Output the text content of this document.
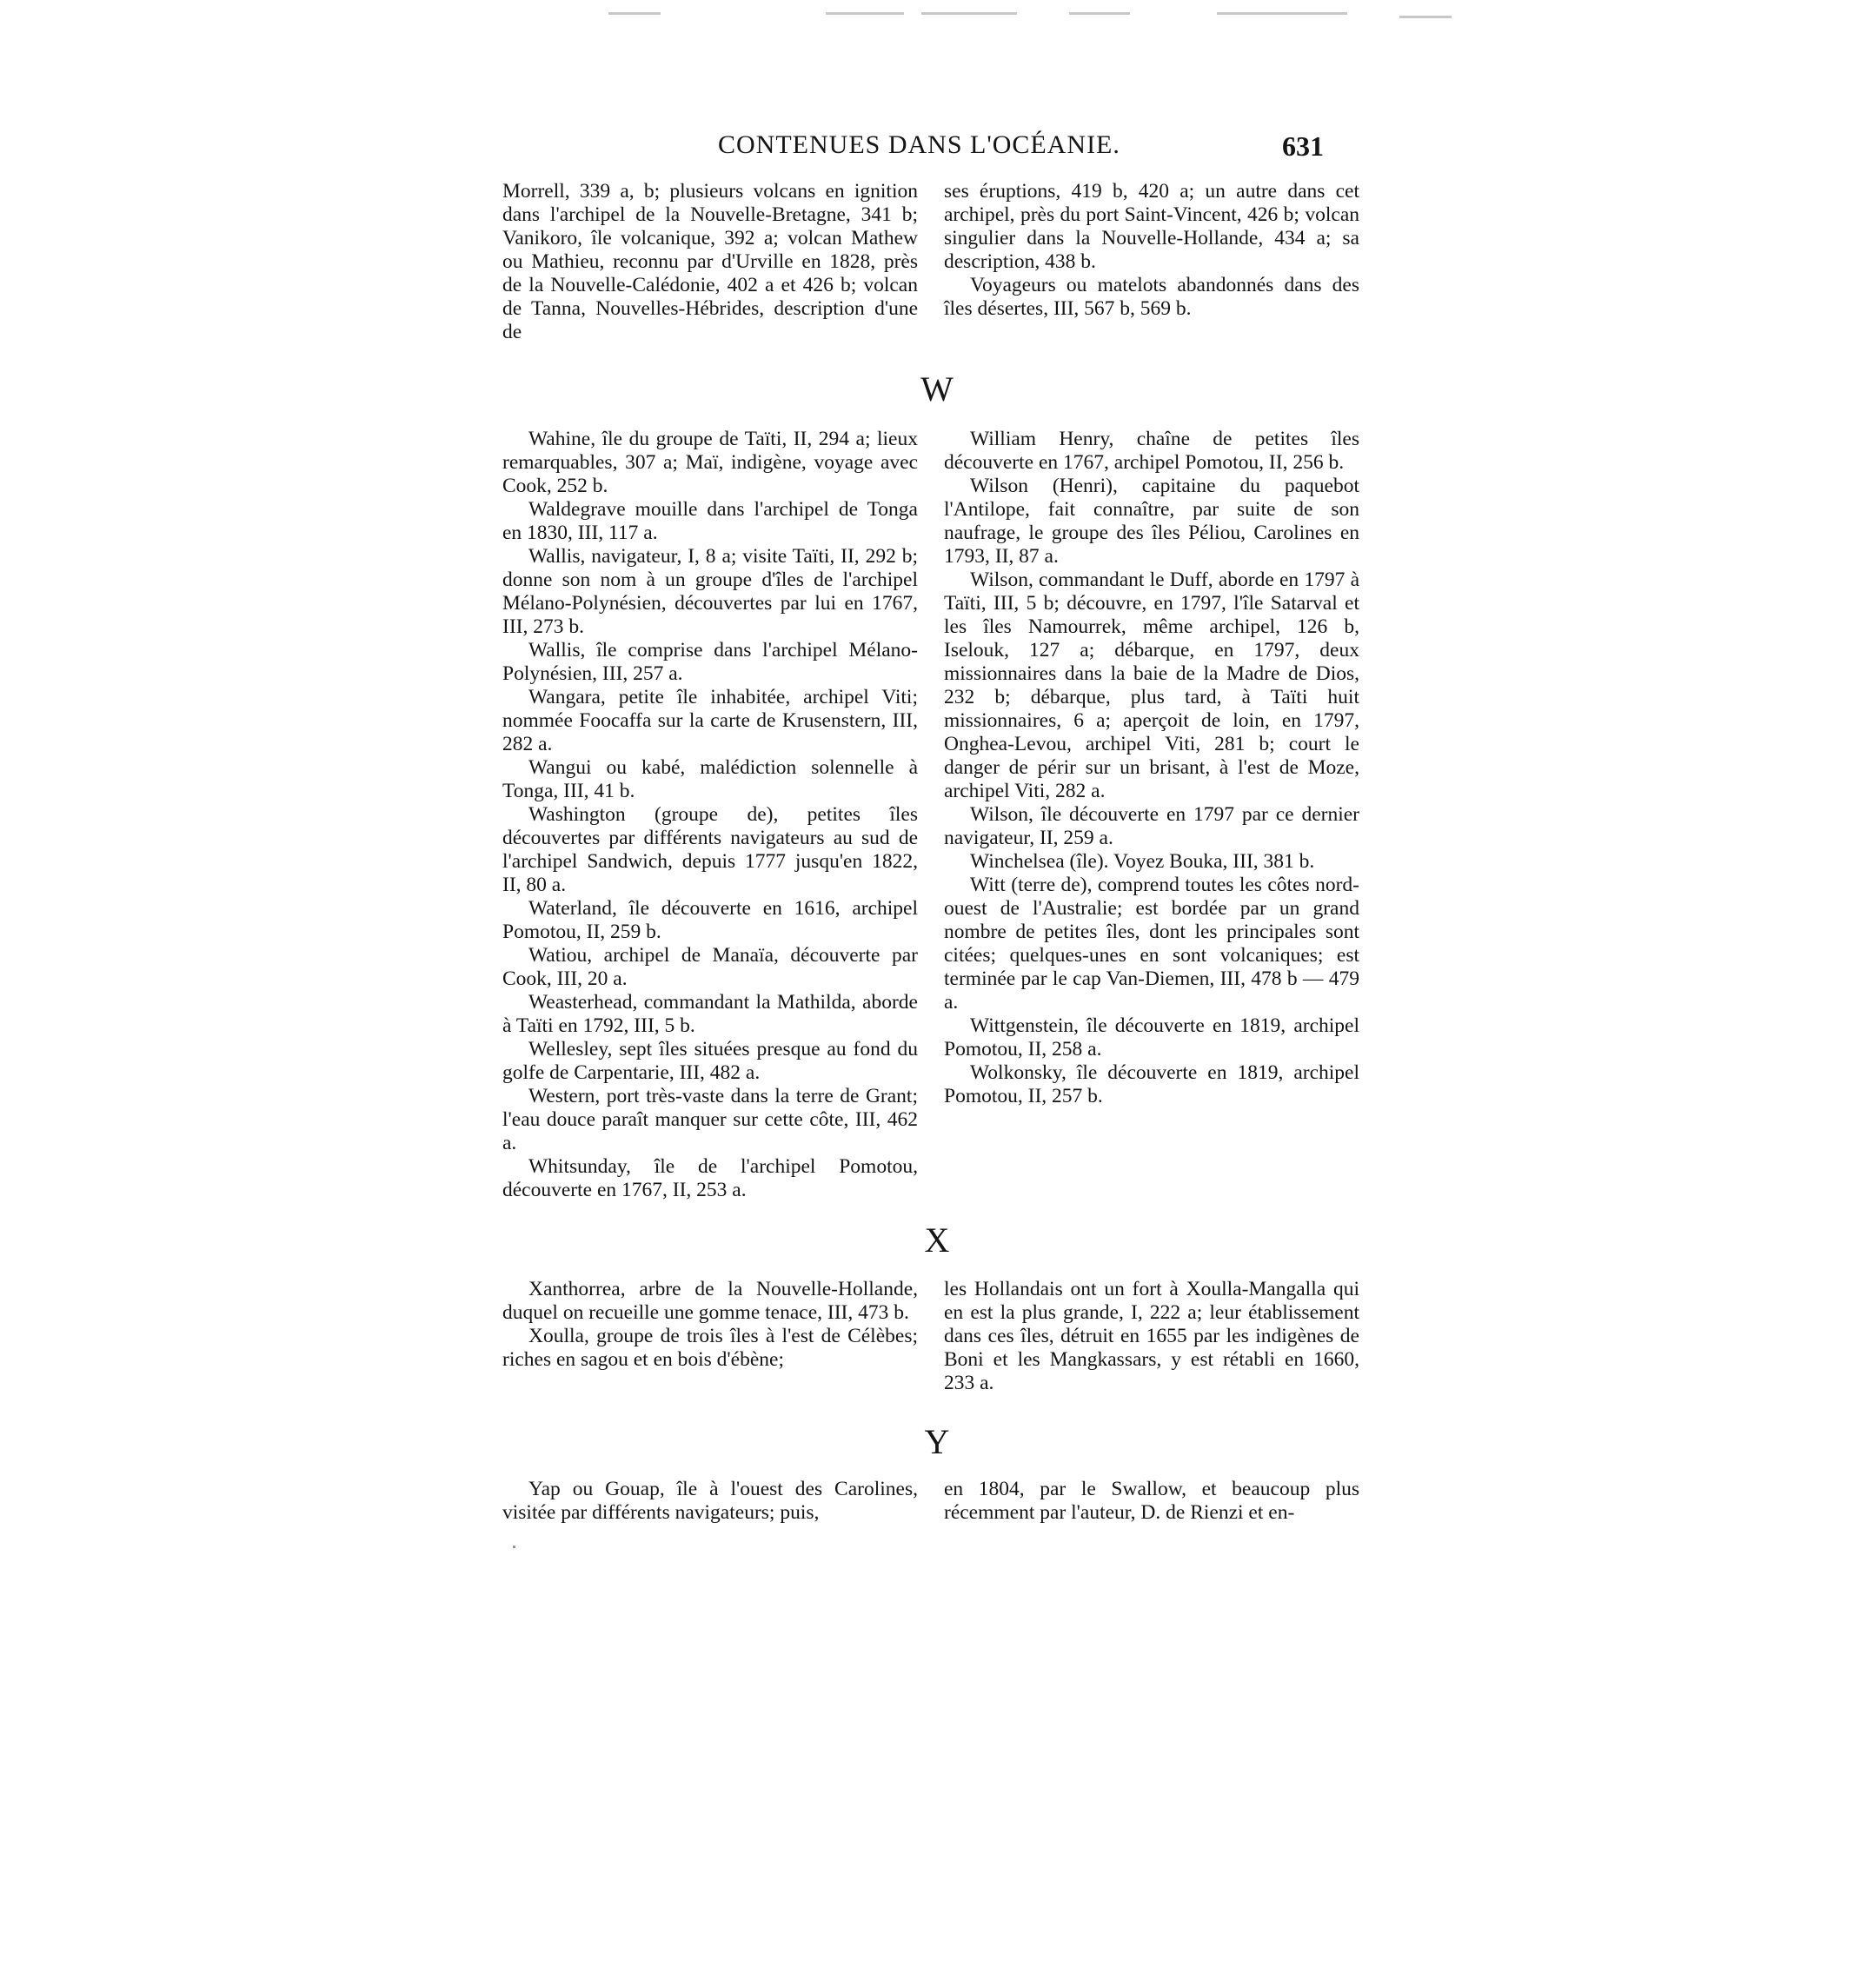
CONTENUES DANS L'OCÉANIE.	631

Morrell, 339 a, b; plusieurs volcans en ignition dans l'archipel de la Nouvelle-Bretagne, 341 b; Vanikoro, île volcanique, 392 a; volcan Mathew ou Mathieu, reconnu par d'Urville en 1828, près de la Nouvelle-Calédonie, 402 a et 426 b; volcan de Tanna, Nouvelles-Hébrides, description d'une de

ses éruptions, 419 b, 420 a; un autre dans cet archipel, près du port Saint-Vincent, 426 b; volcan singulier dans la Nouvelle-Hollande, 434 a; sa description, 438 b.

Voyageurs ou matelots abandonnés dans des îles désertes, III, 567 b, 569 b.

W

Wahine, île du groupe de Taïti, II, 294 a; lieux remarquables, 307 a; Maï, indigène, voyage avec Cook, 252 b.

Waldegrave mouille dans l'archipel de Tonga en 1830, III, 117 a.

Wallis, navigateur, I, 8 a; visite Taïti, II, 292 b; donne son nom à un groupe d'îles de l'archipel Mélano-Polynésien, découvertes par lui en 1767, III, 273 b.

Wallis, île comprise dans l'archipel Mélano-Polynésien, III, 257 a.

Wangara, petite île inhabitée, archipel Viti; nommée Foocaffa sur la carte de Krusenstern, III, 282 a.

Wangui ou kabé, malédiction solennelle à Tonga, III, 41 b.

Washington (groupe de), petites îles découvertes par différents navigateurs au sud de l'archipel Sandwich, depuis 1777 jusqu'en 1822, II, 80 a.

Waterland, île découverte en 1616, archipel Pomotou, II, 259 b.

Watiou, archipel de Manaïa, découverte par Cook, III, 20 a.

Weasterhead, commandant la Mathilda, aborde à Taïti en 1792, III, 5 b.

Wellesley, sept îles situées presque au fond du golfe de Carpentarie, III, 482 a.

Western, port très-vaste dans la terre de Grant; l'eau douce paraît manquer sur cette côte, III, 462 a.

Whitsunday, île de l'archipel Pomotou, découverte en 1767, II, 253 a.

William Henry, chaîne de petites îles découverte en 1767, archipel Pomotou, II, 256 b.

Wilson (Henri), capitaine du paquebot l'Antilope, fait connaître, par suite de son naufrage, le groupe des îles Péliou, Carolines en 1793, II, 87 a.

Wilson, commandant le Duff, aborde en 1797 à Taïti, III, 5 b; découvre, en 1797, l'île Satarval et les îles Namourrek, même archipel, 126 b, Iselouk, 127 a; débarque, en 1797, deux missionnaires dans la baie de la Madre de Dios, 232 b; débarque, plus tard, à Taïti huit missionnaires, 6 a; aperçoit de loin, en 1797, Onghea-Levou, archipel Viti, 281 b; court le danger de périr sur un brisant, à l'est de Moze, archipel Viti, 282 a.

Wilson, île découverte en 1797 par ce dernier navigateur, II, 259 a.

Winchelsea (île). Voyez Bouka, III, 381 b.

Witt (terre de), comprend toutes les côtes nord-ouest de l'Australie; est bordée par un grand nombre de petites îles, dont les principales sont citées; quelques-unes en sont volcaniques; est terminée par le cap Van-Diemen, III, 478 b — 479 a.

Wittgenstein, île découverte en 1819, archipel Pomotou, II, 258 a.

Wolkonsky, île découverte en 1819, archipel Pomotou, II, 257 b.

X

Xanthorrea, arbre de la Nouvelle-Hollande, duquel on recueille une gomme tenace, III, 473 b.

Xoulla, groupe de trois îles à l'est de Célèbes; riches en sagou et en bois d'ébène;

les Hollandais ont un fort à Xoulla-Mangalla qui en est la plus grande, I, 222 a; leur établissement dans ces îles, détruit en 1655 par les indigènes de Boni et les Mangkassars, y est rétabli en 1660, 233 a.

Y

Yap ou Gouap, île à l'ouest des Carolines, visitée par différents navigateurs; puis,

en 1804, par le Swallow, et beaucoup plus récemment par l'auteur, D. de Rienzi et en-
